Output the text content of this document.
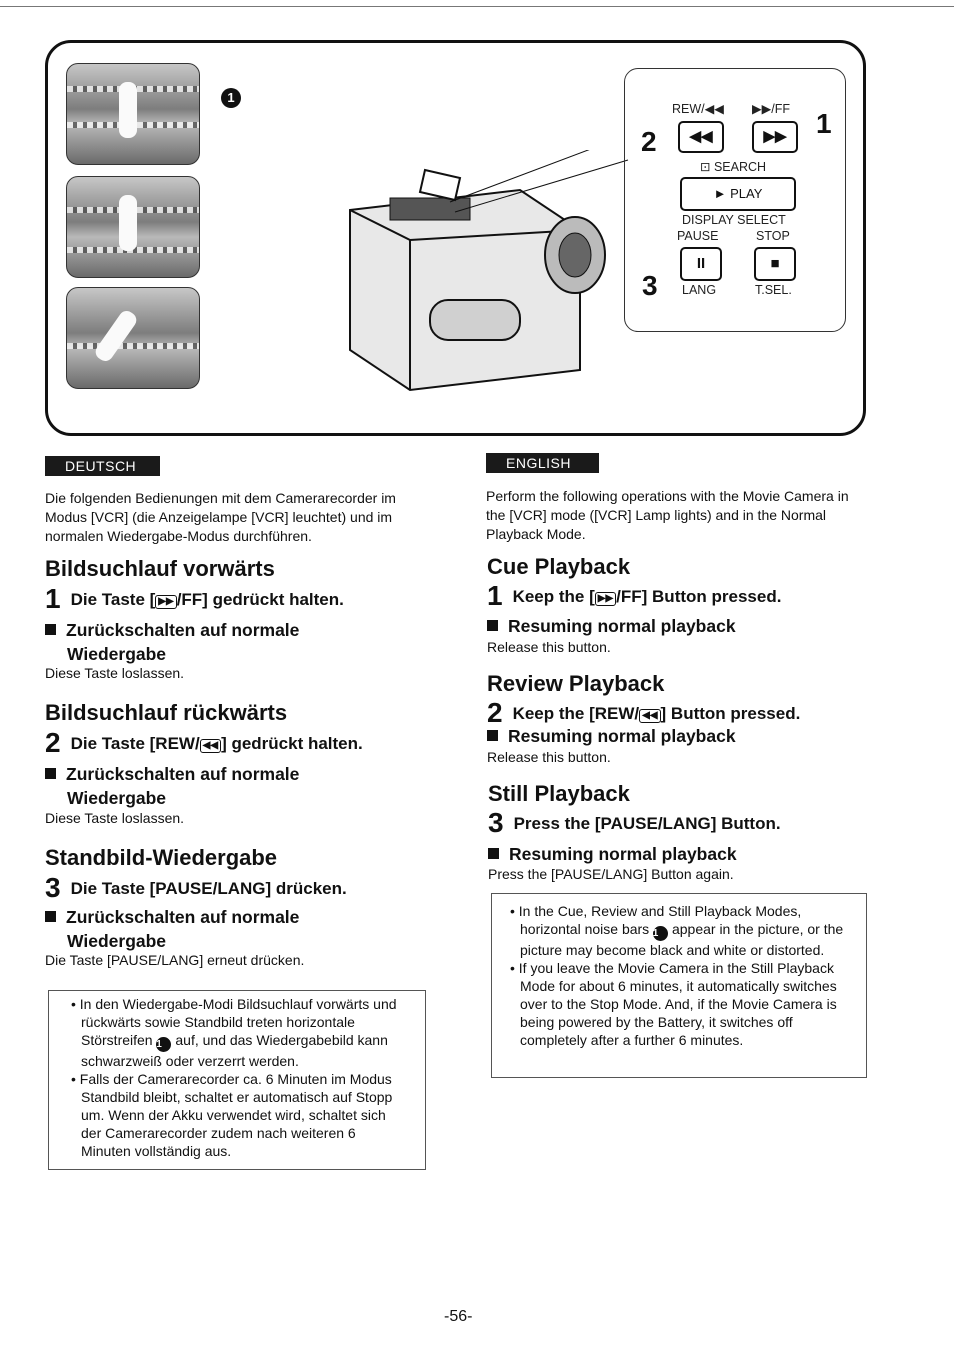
1
REW/◀◀ ▶▶/FF
2	◀◀	▶▶	1
⊡ SEARCH
► PLAY
DISPLAY SELECT
PAUSE	STOP
II	■
3 LANG	T.SEL.
DEUTSCH
Die folgenden Bedienungen mit dem Camerarecorder im Modus [VCR] (die Anzeigelampe [VCR] leuchtet) und im normalen Wiedergabe-Modus durchführen.
Bildsuchlauf vorwärts
1 Die Taste [ ▶▶ /FF] gedrückt halten.
Zurückschalten auf normale Wiedergabe
Diese Taste loslassen.
Bildsuchlauf rückwärts
2 Die Taste [REW/ ◀◀ ] gedrückt halten.
Zurückschalten auf normale Wiedergabe
Diese Taste loslassen.
Standbild-Wiedergabe
3 Die Taste [PAUSE/LANG] drücken.
Zurückschalten auf normale Wiedergabe
Die Taste [PAUSE/LANG] erneut drücken.

• In den Wiedergabe-Modi Bildsuchlauf vorwärts und rückwärts sowie Standbild treten horizontale Störstreifen 1 auf, und das Wiedergabebild kann schwarzweiß oder verzerrt werden.

• Falls der Camerarecorder ca. 6 Minuten im Modus Standbild bleibt, schaltet er automatisch auf Stopp um. Wenn der Akku verwendet wird, schaltet sich der Camerarecorder zudem nach weiteren 6 Minuten vollständig aus.

ENGLISH
Perform the following operations with the Movie Camera in the [VCR] mode ([VCR] Lamp lights) and in the Normal Playback Mode.
Cue Playback
1 Keep the [ ▶▶ /FF] Button pressed.
Resuming normal playback
Release this button.
Review Playback
2 Keep the [REW/ ◀◀ ] Button pressed.
Resuming normal playback
Release this button.
Still Playback
3 Press the [PAUSE/LANG] Button.
Resuming normal playback
Press the [PAUSE/LANG] Button again.

• In the Cue, Review and Still Playback Modes, horizontal noise bars 1 appear in the picture, or the picture may become black and white or distorted.

• If you leave the Movie Camera in the Still Playback Mode for about 6 minutes, it automatically switches over to the Stop Mode. And, if the Movie Camera is being powered by the Battery, it switches off completely after a further 6 minutes.

-56-
